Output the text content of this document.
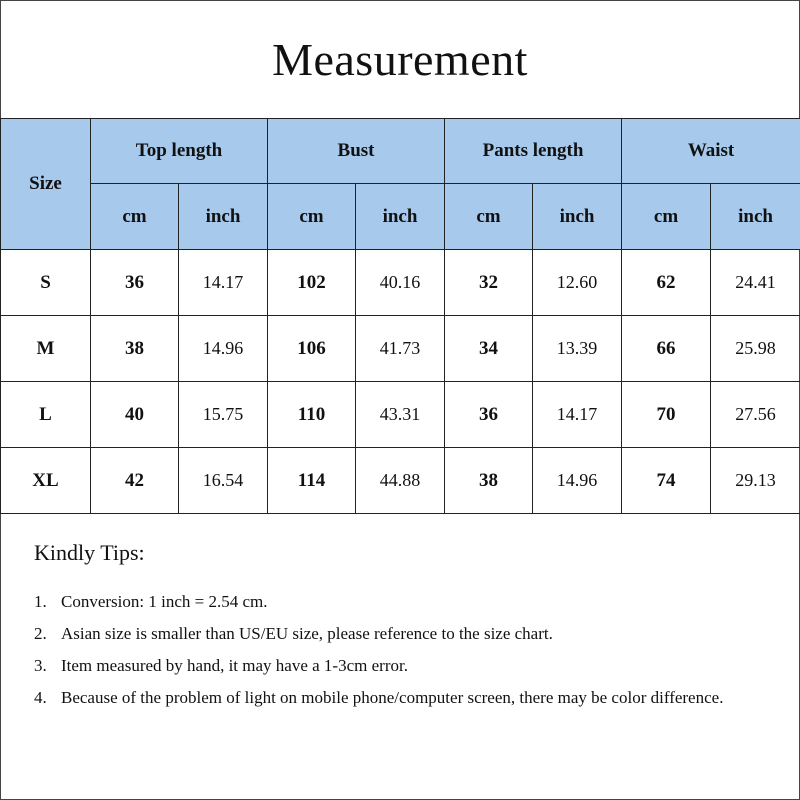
Measurement
Size	Top length		Bust		Pants length		Waist	
	cm	inch	cm	inch	cm	inch	cm	inch
S	36	14.17	102	40.16	32	12.60	62	24.41
M	38	14.96	106	41.73	34	13.39	66	25.98
L	40	15.75	110	43.31	36	14.17	70	27.56
XL	42	16.54	114	44.88	38	14.96	74	29.13
Kindly Tips:
1. Conversion: 1 inch = 2.54 cm.
2. Asian size is smaller than US/EU size, please reference to the size chart.
3. Item measured by hand, it may have a 1-3cm error.
4. Because of the problem of light on mobile phone/computer screen, there may be color difference.
